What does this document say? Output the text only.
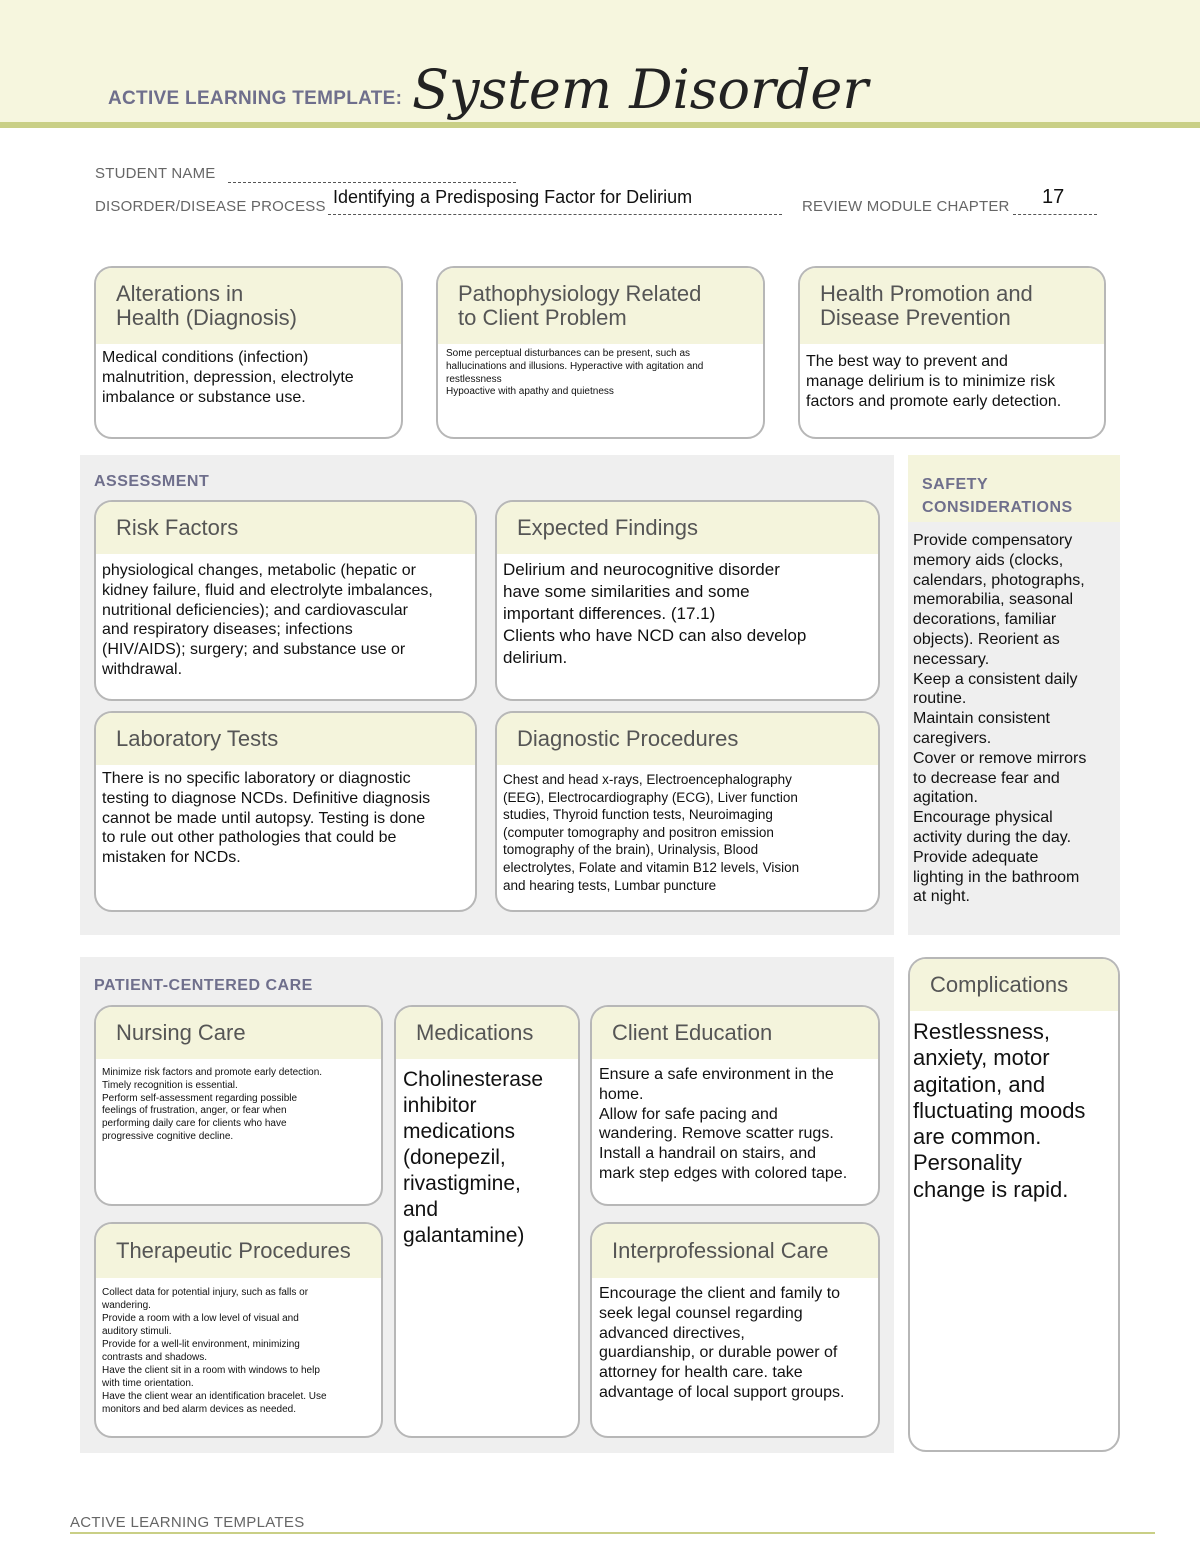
ACTIVE LEARNING TEMPLATE: System Disorder
STUDENT NAME
DISORDER/DISEASE PROCESS Identifying a Predisposing Factor for Delirium	REVIEW MODULE CHAPTER 17
Alterations in
Health (Diagnosis)
Medical conditions (infection)
malnutrition, depression, electrolyte
imbalance or substance use.
Pathophysiology Related
to Client Problem
Some perceptual disturbances can be present, such as
hallucinations and illusions. Hyperactive with agitation and
restlessness
Hypoactive with apathy and quietness
Health Promotion and
Disease Prevention
The best way to prevent and
manage delirium is to minimize risk
factors and promote early detection.
ASSESSMENT
Risk Factors
physiological changes, metabolic (hepatic or
kidney failure, fluid and electrolyte imbalances,
nutritional deficiencies); and cardiovascular
and respiratory diseases; infections
(HIV/AIDS); surgery; and substance use or
withdrawal.
Expected Findings
Delirium and neurocognitive disorder
have some similarities and some
important differences. (17.1)
Clients who have NCD can also develop
delirium.
Laboratory Tests
There is no specific laboratory or diagnostic
testing to diagnose NCDs. Definitive diagnosis
cannot be made until autopsy. Testing is done
to rule out other pathologies that could be
mistaken for NCDs.
Diagnostic Procedures
Chest and head x-rays, Electroencephalography
(EEG), Electrocardiography (ECG), Liver function
studies, Thyroid function tests, Neuroimaging
(computer tomography and positron emission
tomography of the brain), Urinalysis, Blood
electrolytes, Folate and vitamin B12 levels, Vision
and hearing tests, Lumbar puncture
SAFETY
CONSIDERATIONS
Provide compensatory
memory aids (clocks,
calendars, photographs,
memorabilia, seasonal
decorations, familiar
objects). Reorient as
necessary.
Keep a consistent daily
routine.
Maintain consistent
caregivers.
Cover or remove mirrors
to decrease fear and
agitation.
Encourage physical
activity during the day.
Provide adequate
lighting in the bathroom
at night.
PATIENT-CENTERED CARE
Nursing Care
Minimize risk factors and promote early detection.
Timely recognition is essential.
Perform self-assessment regarding possible
feelings of frustration, anger, or fear when
performing daily care for clients who have
progressive cognitive decline.
Medications
Cholinesterase
inhibitor
medications
(donepezil,
rivastigmine,
and
galantamine)
Client Education
Ensure a safe environment in the
home.
Allow for safe pacing and
wandering. Remove scatter rugs.
Install a handrail on stairs, and
mark step edges with colored tape.
Therapeutic Procedures
Collect data for potential injury, such as falls or
wandering.
Provide a room with a low level of visual and
auditory stimuli.
Provide for a well-lit environment, minimizing
contrasts and shadows.
Have the client sit in a room with windows to help
with time orientation.
Have the client wear an identification bracelet. Use
monitors and bed alarm devices as needed.
Interprofessional Care
Encourage the client and family to
seek legal counsel regarding
advanced directives,
guardianship, or durable power of
attorney for health care. take
advantage of local support groups.
Complications
Restlessness,
anxiety, motor
agitation, and
fluctuating moods
are common.
Personality
change is rapid.
ACTIVE LEARNING TEMPLATES
